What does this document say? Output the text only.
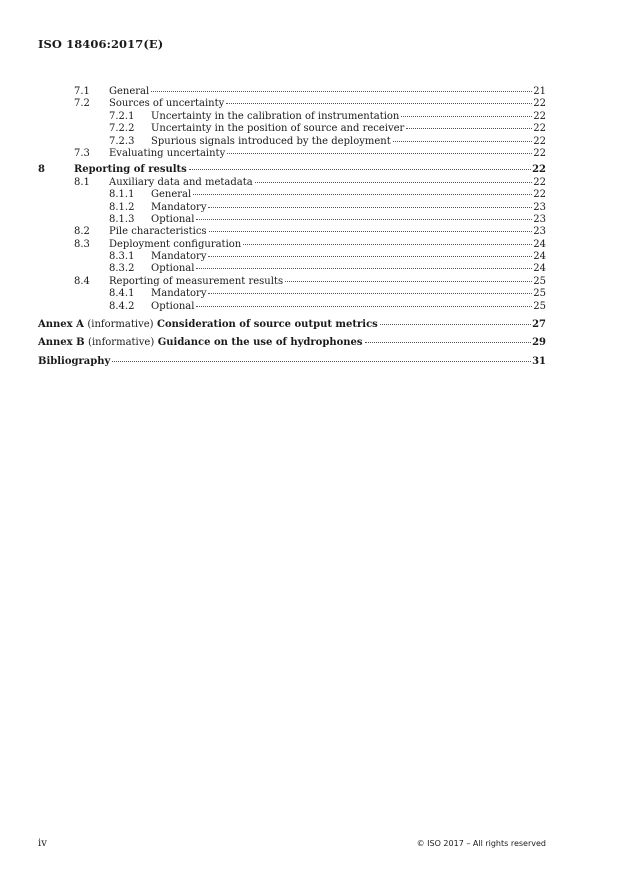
ISO 18406:2017(E)
7.1	General	21
7.2	Sources of uncertainty	22
7.2.1	Uncertainty in the calibration of instrumentation	22
7.2.2	Uncertainty in the position of source and receiver	22
7.2.3	Spurious signals introduced by the deployment	22
7.3	Evaluating uncertainty	22
8	Reporting of results	22
8.1	Auxiliary data and metadata	22
8.1.1	General	22
8.1.2	Mandatory	23
8.1.3	Optional	23
8.2	Pile characteristics	23
8.3	Deployment configuration	24
8.3.1	Mandatory	24
8.3.2	Optional	24
8.4	Reporting of measurement results	25
8.4.1	Mandatory	25
8.4.2	Optional	25
Annex A (informative) Consideration of source output metrics	27
Annex B (informative) Guidance on the use of hydrophones	29
Bibliography	31
iv	© ISO 2017 – All rights reserved
